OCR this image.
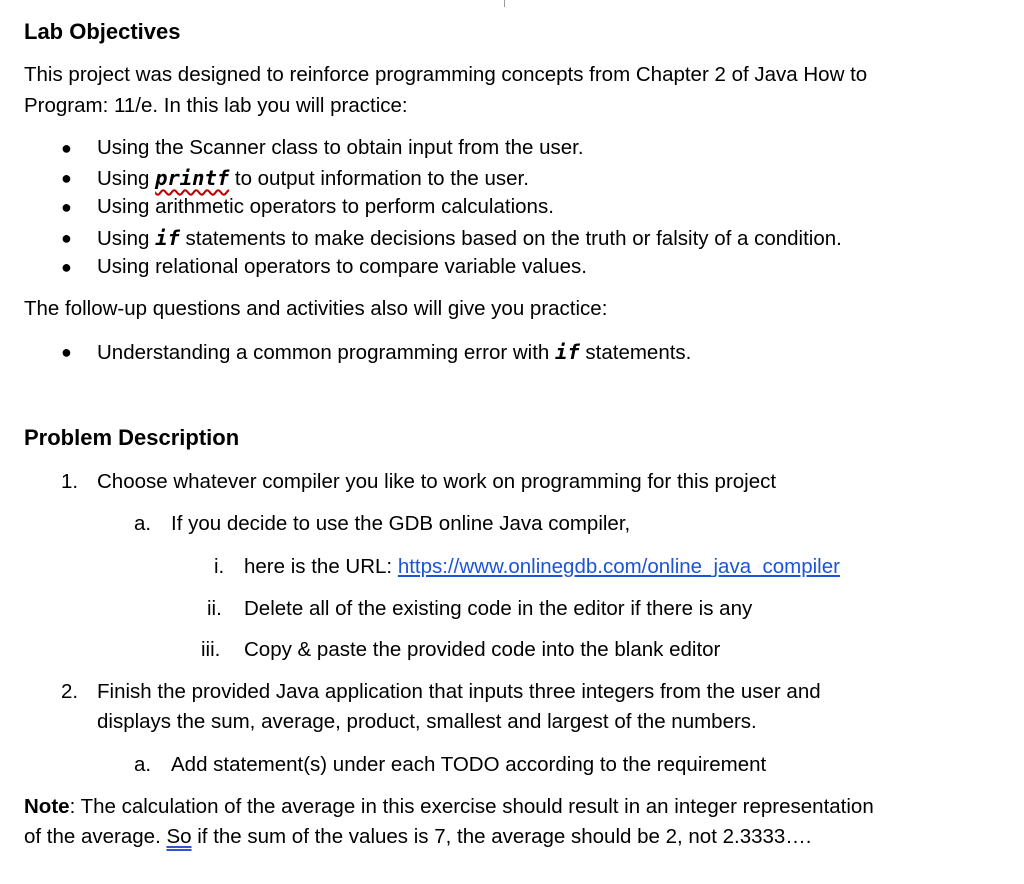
Lab Objectives
This project was designed to reinforce programming concepts from Chapter 2 of Java How to
Program: 11/e. In this lab you will practice:
● Using the Scanner class to obtain input from the user.
● Using printf to output information to the user.
● Using arithmetic operators to perform calculations.
● Using if statements to make decisions based on the truth or falsity of a condition.
● Using relational operators to compare variable values.
The follow-up questions and activities also will give you practice:
● Understanding a common programming error with if statements.
Problem Description
1. Choose whatever compiler you like to work on programming for this project
a. If you decide to use the GDB online Java compiler,
i. here is the URL: https://www.onlinegdb.com/online_java_compiler
ii. Delete all of the existing code in the editor if there is any
iii. Copy & paste the provided code into the blank editor
2. Finish the provided Java application that inputs three integers from the user and
displays the sum, average, product, smallest and largest of the numbers.
a. Add statement(s) under each TODO according to the requirement
Note: The calculation of the average in this exercise should result in an integer representation
of the average. So if the sum of the values is 7, the average should be 2, not 2.3333….
